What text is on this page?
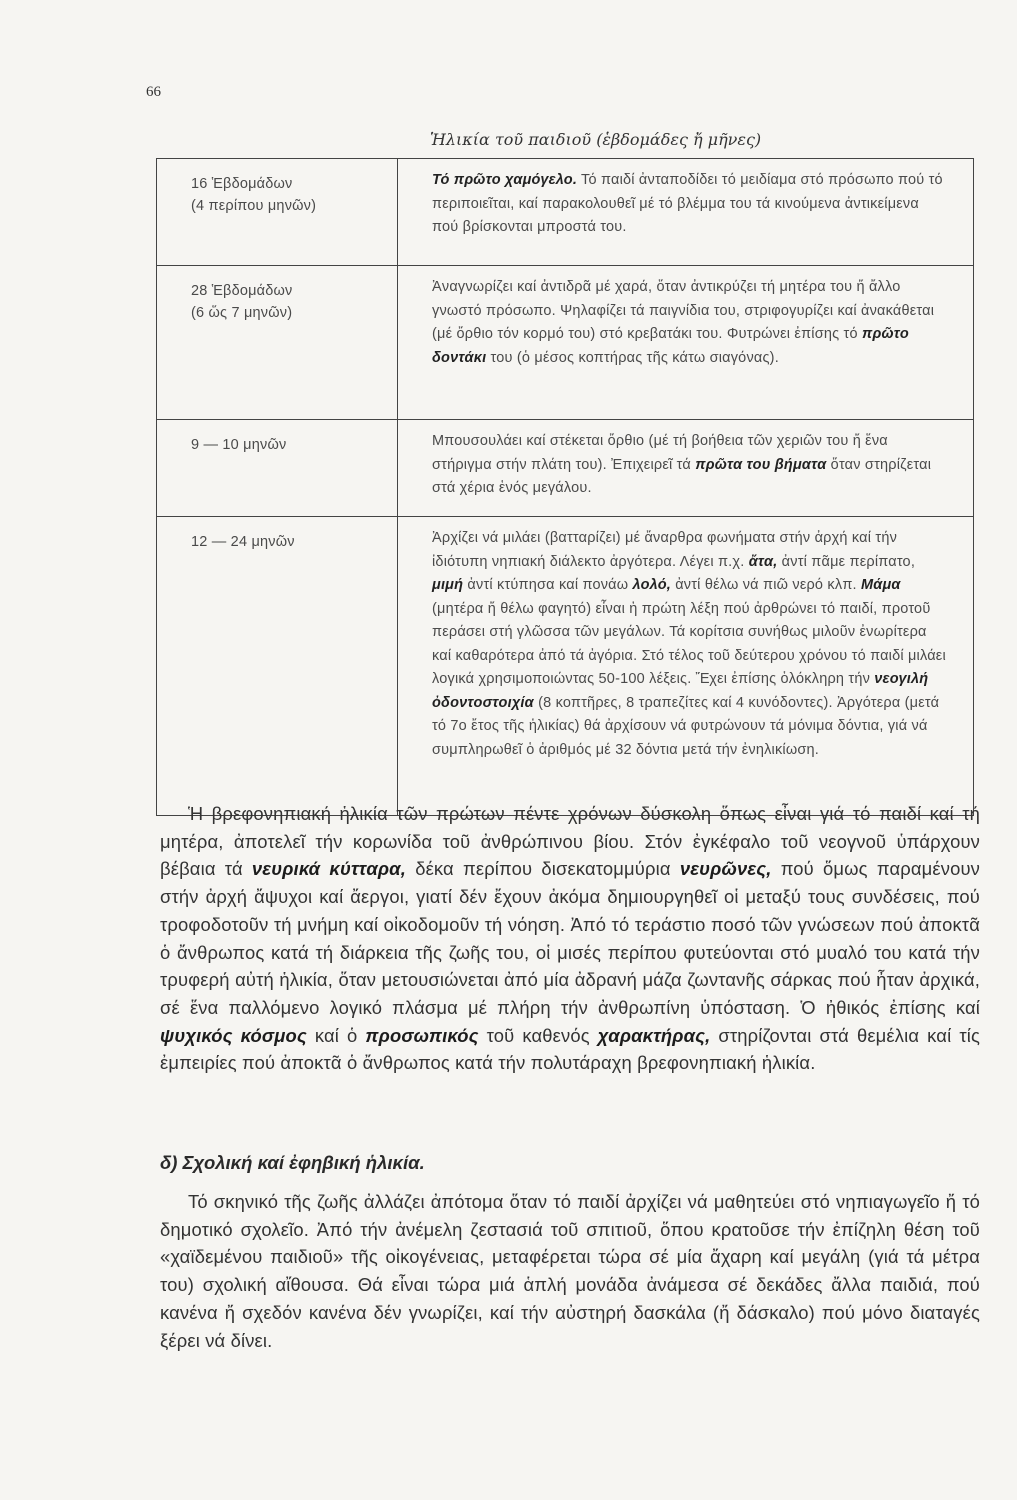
66
Ἡλικία τοῦ παιδιοῦ (ἑβδομάδες ἤ μῆνες)
16 Ἑβδομάδων
(4 περίπου μηνῶν)	Τό πρῶτο χαμόγελο. Τό παιδί ἀνταποδίδει τό μειδίαμα στό πρόσωπο πού τό περιποιεῖται, καί παρακολουθεῖ μέ τό βλέμμα του τά κινούμενα ἀντικείμενα πού βρίσκονται μπροστά του.

28 Ἑβδομάδων
(6 ὥς 7 μηνῶν)	Ἀναγνωρίζει καί ἀντιδρᾶ μέ χαρά, ὅταν ἀντικρύζει τή μητέρα του ἤ ἄλλο γνωστό πρόσωπο. Ψηλαφίζει τά παιγνίδια του, στριφογυρίζει καί ἀνακάθεται (μέ ὄρθιο τόν κορμό του) στό κρεβατάκι του. Φυτρώνει ἐπίσης τό πρῶτο δοντάκι του (ὁ μέσος κοπτήρας τῆς κάτω σιαγόνας).

9 — 10 μηνῶν	Μπουσουλάει καί στέκεται ὄρθιο (μέ τή βοήθεια τῶν χεριῶν του ἤ ἕνα στήριγμα στήν πλάτη του). Ἐπιχειρεῖ τά πρῶτα του βήματα ὅταν στηρίζεται στά χέρια ἑνός μεγάλου.

12 — 24 μηνῶν	Ἀρχίζει νά μιλάει (βατταρίζει) μέ ἄναρθρα φωνήματα στήν ἀρχή καί τήν ἰδιότυπη νηπιακή διάλεκτο ἀργότερα. Λέγει π.χ. ἄτα, ἀντί πᾶμε περίπατο, μιμή ἀντί κτύπησα καί πονάω λολό, ἀντί θέλω νά πιῶ νερό κλπ. Μάμα (μητέρα ἤ θέλω φαγητό) εἶναι ἡ πρώτη λέξη πού ἀρθρώνει τό παιδί, προτοῦ περάσει στή γλῶσσα τῶν μεγάλων. Τά κορίτσια συνήθως μιλοῦν ἐνωρίτερα καί καθαρότερα ἀπό τά ἀγόρια. Στό τέλος τοῦ δεύτερου χρόνου τό παιδί μιλάει λογικά χρησιμοποιώντας 50-100 λέξεις. Ἔχει ἐπίσης ὁλόκληρη τήν νεογιλή ὀδοντοστοιχία (8 κοπτῆρες, 8 τραπεζίτες καί 4 κυνόδοντες). Ἀργότερα (μετά τό 7ο ἔτος τῆς ἡλικίας) θά ἀρχίσουν νά φυτρώνουν τά μόνιμα δόντια, γιά νά συμπληρωθεῖ ὁ ἀριθμός μέ 32 δόντια μετά τήν ἐνηλικίωση.

Ἡ βρεφονηπιακή ἡλικία τῶν πρώτων πέντε χρόνων δύσκολη ὅπως εἶναι γιά τό παιδί καί τή μητέρα, ἀποτελεῖ τήν κορωνίδα τοῦ ἀνθρώπινου βίου. Στόν ἐγκέφαλο τοῦ νεογνοῦ ὑπάρχουν βέβαια τά νευρικά κύτταρα, δέκα περίπου δισεκατομμύρια νευρῶνες, πού ὅμως παραμένουν στήν ἀρχή ἄψυχοι καί ἄεργοι, γιατί δέν ἔχουν ἀκόμα δημιουργηθεῖ οἱ μεταξύ τους συνδέσεις, πού τροφοδοτοῦν τή μνήμη καί οἰκοδομοῦν τή νόηση. Ἀπό τό τεράστιο ποσό τῶν γνώσεων πού ἀποκτᾶ ὁ ἄνθρωπος κατά τή διάρκεια τῆς ζωῆς του, οἱ μισές περίπου φυτεύονται στό μυαλό του κατά τήν τρυφερή αὐτή ἡλικία, ὅταν μετουσιώνεται ἀπό μία ἀδρανή μάζα ζωντανῆς σάρκας πού ἦταν ἀρχικά, σέ ἕνα παλλόμενο λογικό πλάσμα μέ πλήρη τήν ἀνθρωπίνη ὑπόσταση. Ὁ ἠθικός ἐπίσης καί ψυχικός κόσμος καί ὁ προσωπικός τοῦ καθενός χαρακτήρας, στηρίζονται στά θεμέλια καί τίς ἐμπειρίες πού ἀποκτᾶ ὁ ἄνθρωπος κατά τήν πολυτάραχη βρεφονηπιακή ἡλικία.

δ) Σχολική καί ἐφηβική ἡλικία.

Τό σκηνικό τῆς ζωῆς ἀλλάζει ἀπότομα ὅταν τό παιδί ἀρχίζει νά μαθητεύει στό νηπιαγωγεῖο ἤ τό δημοτικό σχολεῖο. Ἀπό τήν ἀνέμελη ζεστασιά τοῦ σπιτιοῦ, ὅπου κρατοῦσε τήν ἐπίζηλη θέση τοῦ «χαϊδεμένου παιδιοῦ» τῆς οἰκογένειας, μεταφέρεται τώρα σέ μία ἄχαρη καί μεγάλη (γιά τά μέτρα του) σχολική αἴθουσα. Θά εἶναι τώρα μιά ἁπλή μονάδα ἀνάμεσα σέ δεκάδες ἄλλα παιδιά, πού κανένα ἤ σχεδόν κανένα δέν γνωρίζει, καί τήν αὐστηρή δασκάλα (ἤ δάσκαλο) πού μόνο διαταγές ξέρει νά δίνει.
